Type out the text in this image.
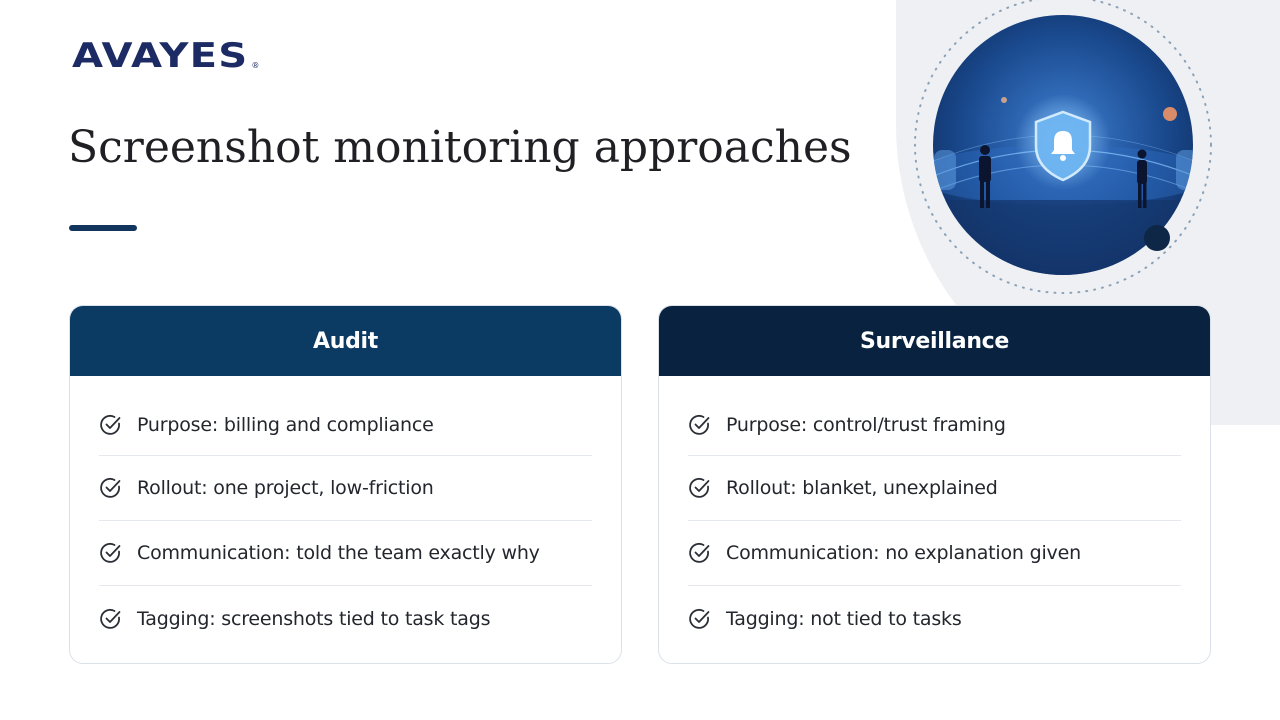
AVAYES ®
Screenshot monitoring approaches
Audit
Purpose: billing and compliance
Rollout: one project, low-friction
Communication: told the team exactly why
Tagging: screenshots tied to task tags
Surveillance
Purpose: control/trust framing
Rollout: blanket, unexplained
Communication: no explanation given
Tagging: not tied to tasks
